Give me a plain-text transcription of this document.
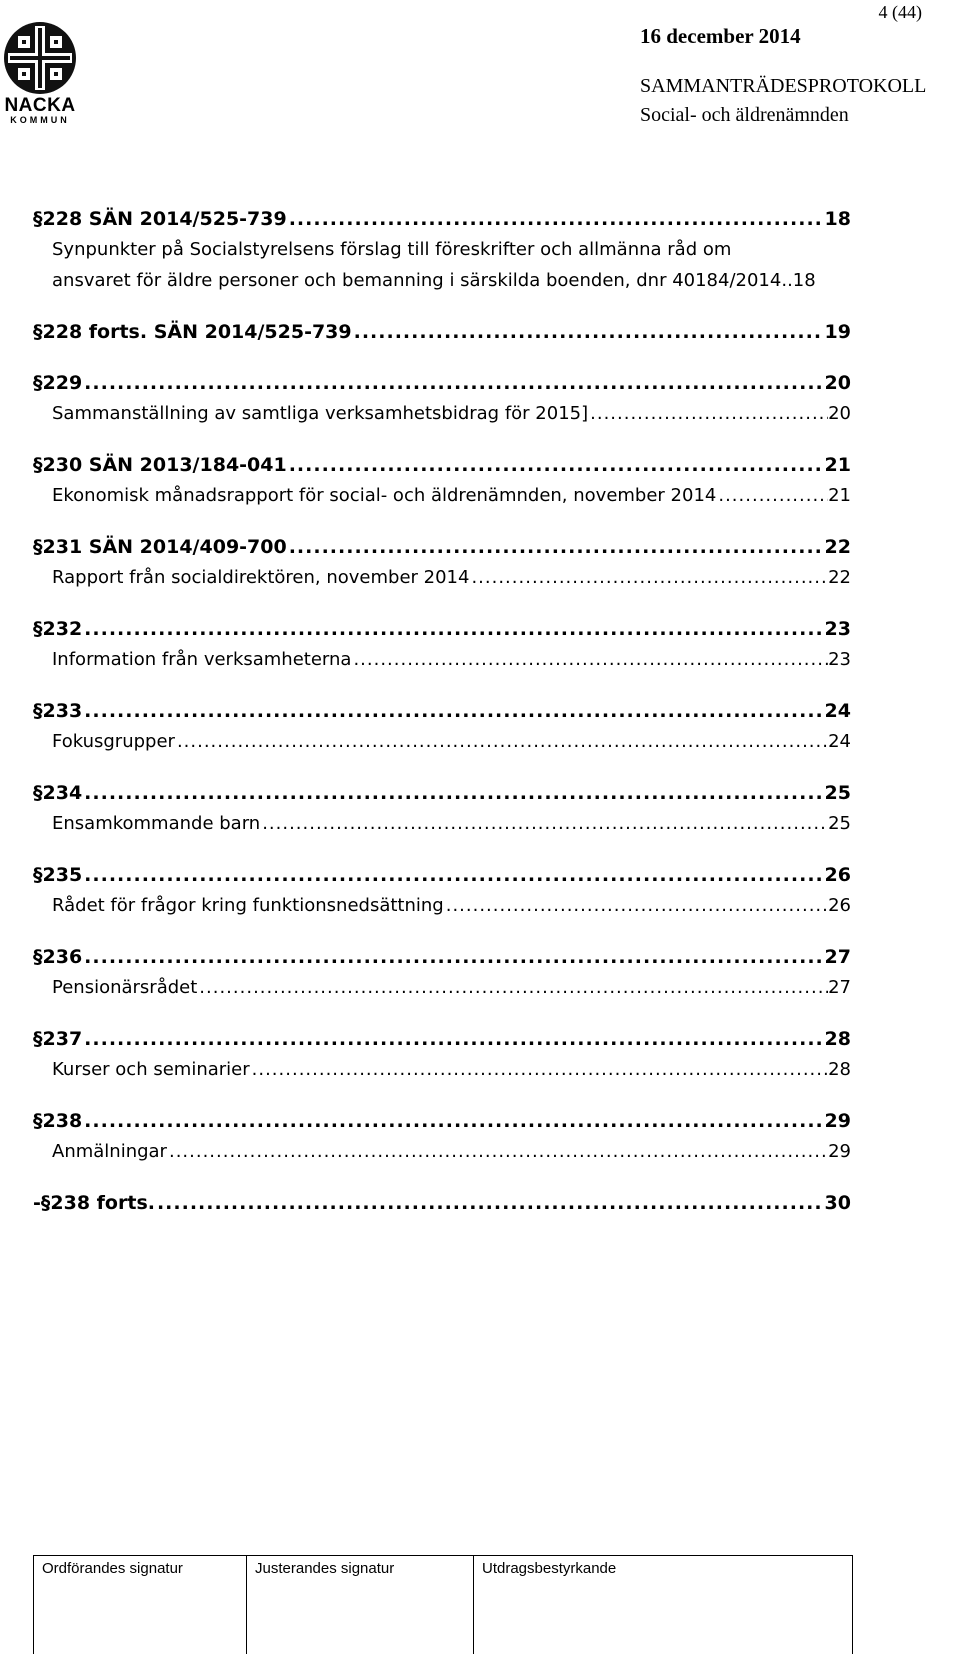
NACKA
KOMMUN
4 (44)
16 december 2014
SAMMANTRÄDESPROTOKOLL
Social- och äldrenämnden
§ 228 SÄN 2014/525-739 .....	18
Synpunkter på Socialstyrelsens förslag till föreskrifter och allmänna råd om
ansvaret för äldre personer och bemanning i särskilda boenden, dnr 40184/2014..18
§ 228 forts. SÄN 2014/525-739 .....	19
§ 229 .....	20
Sammanställning av samtliga verksamhetsbidrag för 2015] .....	20
§ 230 SÄN 2013/184-041 .....	21
Ekonomisk månadsrapport för social- och äldrenämnden, november 2014 .....	21
§ 231 SÄN 2014/409-700 .....	22
Rapport från socialdirektören, november 2014 .....	22
§ 232 .....	23
Information från verksamheterna .....	23
§ 233 .....	24
Fokusgrupper .....	24
§ 234 .....	25
Ensamkommande barn .....	25
§ 235 .....	26
Rådet för frågor kring funktionsnedsättning .....	26
§ 236 .....	27
Pensionärsrådet .....	27
§ 237 .....	28
Kurser och seminarier .....	28
§ 238 .....	29
Anmälningar .....	29
- § 238 forts. .....	30
Ordförandes signatur	Justerandes signatur	Utdragsbestyrkande
